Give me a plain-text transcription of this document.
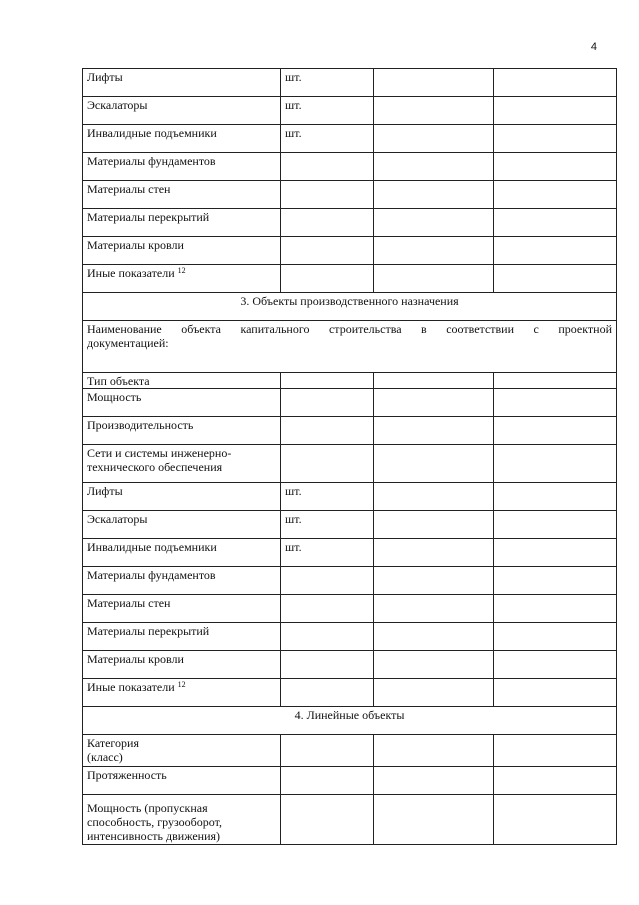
4
Лифты	шт.		
Эскалаторы	шт.		
Инвалидные подъемники	шт.		
Материалы фундаментов			
Материалы стен			
Материалы перекрытий			
Материалы кровли			
Иные показатели $^{12}$			
3. Объекты производственного назначения			

Наименование объекта капитального строительства в соответствии с проектной
документацией:			
Тип объекта			
Мощность			
Производительность			
Сети и системы инженерно-технического обеспечения			
Лифты	шт.		
Эскалаторы	шт.		
Инвалидные подъемники	шт.		
Материалы фундаментов			
Материалы стен			
Материалы перекрытий			
Материалы кровли			
Иные показатели $^{12}$			
4. Линейные объекты			
Категория (класс)			
Протяженность			
Мощность (пропускная способность, грузооборот, интенсивность движения)			
